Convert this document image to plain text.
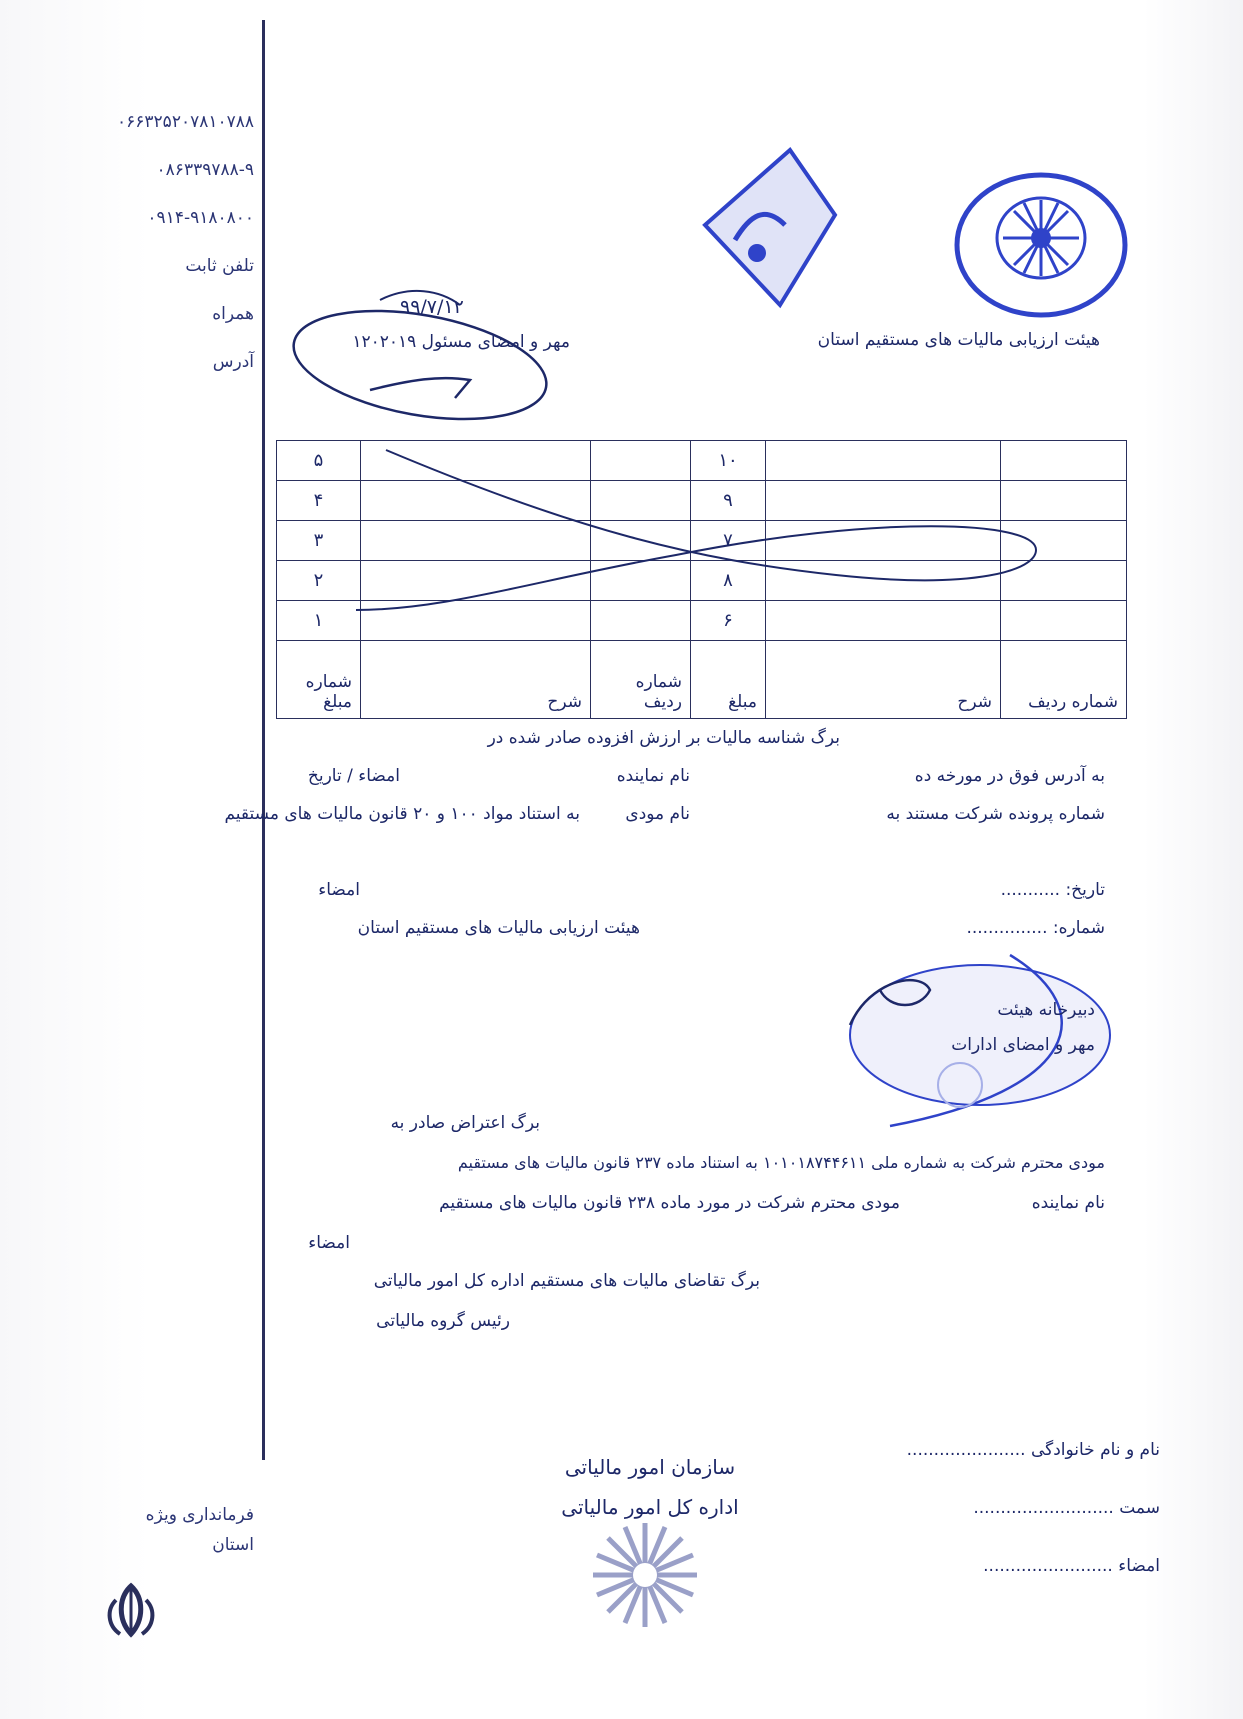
۰۶۶۳۲۵۲۰۷۸۱۰۷۸۸
۰۸۶۳۳۹۷۸۸-۹
۰۹۱۴-۹۱۸۰۸۰۰
تلفن ثابت
همراه
آدرس
فرمانداری ویژه
استان
هیئت ارزیابی مالیات های مستقیم استان
مهر و امضای مسئول ۱۲۰۲۰۱۹
۹۹/۷/۱۲
		۱۰			۵
		۹			۴
		۷			۳
		۸			۲
		۶			۱
شماره ردیف	شرح	مبلغ	شماره ردیف	شرح	شماره
مبلغ
برگ شناسه مالیات بر ارزش افزوده صادر شده در
به آدرس فوق در مورخه ده
نام نماینده
امضاء / تاریخ
شماره پرونده شرکت مستند به
نام مودی
به استناد مواد ۱۰۰ و ۲۰ قانون مالیات های مستقیم
تاریخ: ...........
امضاء
شماره: ...............
هیئت ارزیابی مالیات های مستقیم استان
دبیرخانه هیئت
مهر و امضای ادارات
برگ اعتراض صادر به
مودی محترم شرکت به شماره ملی ۱۰۱۰۱۸۷۴۴۶۱۱ به استناد ماده ۲۳۷ قانون مالیات های مستقیم
نام نماینده
مودی محترم شرکت در مورد ماده ۲۳۸ قانون مالیات های مستقیم
امضاء
برگ تقاضای مالیات های مستقیم اداره کل امور مالیاتی
رئیس گروه مالیاتی
سازمان امور مالیاتی
اداره کل امور مالیاتی
نام و نام خانوادگی ......................
سمت ..........................
امضاء ........................
